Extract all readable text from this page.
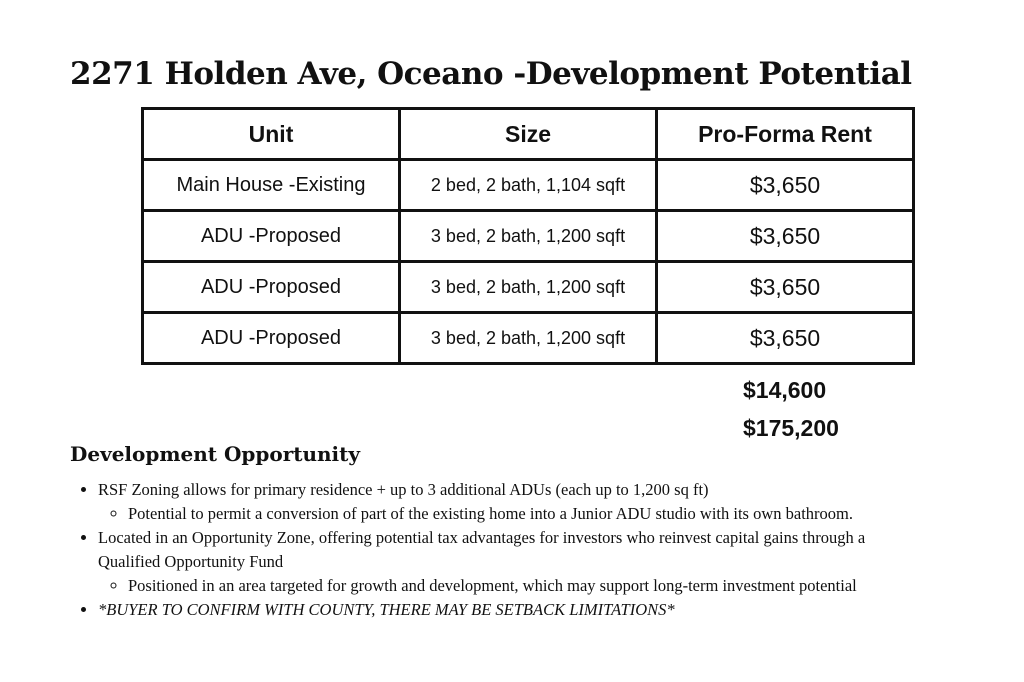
2271 Holden Ave, Oceano -Development Potential
Unit	Size	Pro-Forma Rent
Main House -Existing	2 bed, 2 bath, 1,104 sqft	$3,650
ADU -Proposed	3 bed, 2 bath, 1,200 sqft	$3,650
ADU -Proposed	3 bed, 2 bath, 1,200 sqft	$3,650
ADU -Proposed	3 bed, 2 bath, 1,200 sqft	$3,650
$14,600
$175,200
Development Opportunity
• RSF Zoning allows for primary residence + up to 3 additional ADUs (each up to 1,200 sq ft)
◦ Potential to permit a conversion of part of the existing home into a Junior ADU studio with its own bathroom.
• Located in an Opportunity Zone, offering potential tax advantages for investors who reinvest capital gains through a Qualified Opportunity Fund
◦ Positioned in an area targeted for growth and development, which may support long-term investment potential
• *BUYER TO CONFIRM WITH COUNTY, THERE MAY BE SETBACK LIMITATIONS*
